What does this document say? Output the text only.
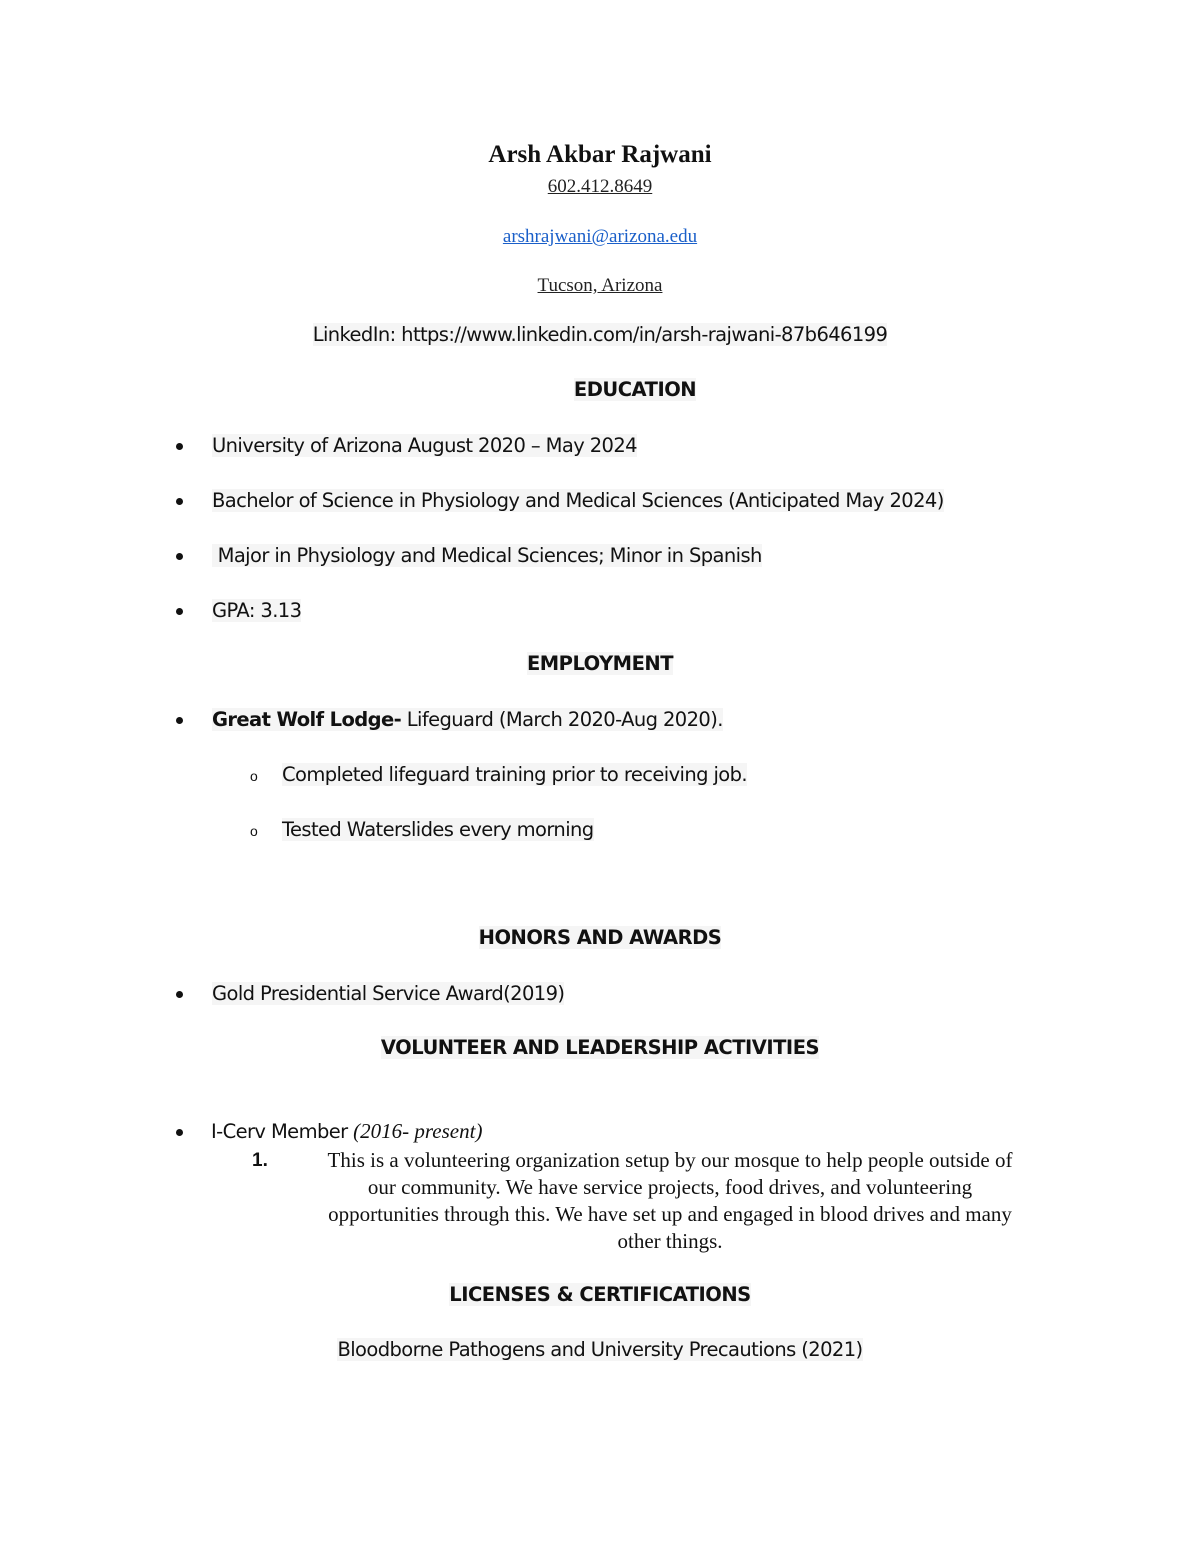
Arsh Akbar Rajwani
602.412.8649
arshrajwani@arizona.edu
Tucson, Arizona
LinkedIn: https://www.linkedin.com/in/arsh-rajwani-87b646199
EDUCATION
University of Arizona August 2020 – May 2024
Bachelor of Science in Physiology and Medical Sciences (Anticipated May 2024)
Major in Physiology and Medical Sciences; Minor in Spanish
GPA: 3.13
EMPLOYMENT
Great Wolf Lodge- Lifeguard (March 2020-Aug 2020).
o Completed lifeguard training prior to receiving job.
o Tested Waterslides every morning
HONORS AND AWARDS
Gold Presidential Service Award(2019)
VOLUNTEER AND LEADERSHIP ACTIVITIES
I-Cerv Member (2016- present)
1.	This is a volunteering organization setup by our mosque to help people outside of
our community. We have service projects, food drives, and volunteering
opportunities through this. We have set up and engaged in blood drives and many
other things.
LICENSES & CERTIFICATIONS
Bloodborne Pathogens and University Precautions (2021)
